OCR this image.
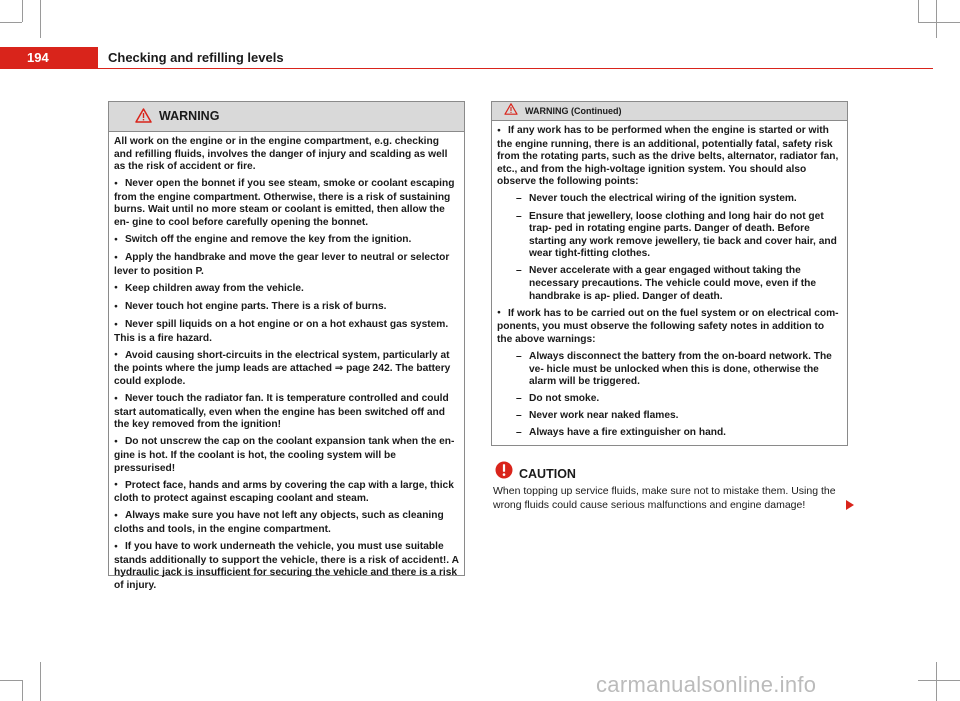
194	Checking and refilling levels
WARNING

All work on the engine or in the engine compartment, e.g. checking and refilling fluids, involves the danger of injury and scalding as well as the risk of accident or fire.

● Never open the bonnet if you see steam, smoke or coolant escaping from the engine compartment. Otherwise, there is a risk of sustaining burns. Wait until no more steam or coolant is emitted, then allow the en- gine to cool before carefully opening the bonnet.

● Switch off the engine and remove the key from the ignition.

● Apply the handbrake and move the gear lever to neutral or selector lever to position P.

● Keep children away from the vehicle.

● Never touch hot engine parts. There is a risk of burns.

● Never spill liquids on a hot engine or on a hot exhaust gas system. This is a fire hazard.

● Avoid causing short-circuits in the electrical system, particularly at the points where the jump leads are attached ⇒ page 242. The battery could explode.

● Never touch the radiator fan. It is temperature controlled and could start automatically, even when the engine has been switched off and the key removed from the ignition!

● Do not unscrew the cap on the coolant expansion tank when the en- gine is hot. If the coolant is hot, the cooling system will be pressurised!

● Protect face, hands and arms by covering the cap with a large, thick cloth to protect against escaping coolant and steam.

● Always make sure you have not left any objects, such as cleaning cloths and tools, in the engine compartment.

● If you have to work underneath the vehicle, you must use suitable stands additionally to support the vehicle, there is a risk of accident!. A hydraulic jack is insufficient for securing the vehicle and there is a risk of injury.

WARNING (Continued)

● If any work has to be performed when the engine is started or with the engine running, there is an additional, potentially fatal, safety risk from the rotating parts, such as the drive belts, alternator, radiator fan, etc., and from the high-voltage ignition system. You should also observe the following points:

– Never touch the electrical wiring of the ignition system.

– Ensure that jewellery, loose clothing and long hair do not get trap- ped in rotating engine parts. Danger of death. Before starting any work remove jewellery, tie back and cover hair, and wear tight-fitting clothes.

– Never accelerate with a gear engaged without taking the necessary precautions. The vehicle could move, even if the handbrake is ap- plied. Danger of death.

● If work has to be carried out on the fuel system or on electrical com- ponents, you must observe the following safety notes in addition to the above warnings:

– Always disconnect the battery from the on-board network. The ve- hicle must be unlocked when this is done, otherwise the alarm will be triggered.

– Do not smoke.

– Never work near naked flames.

– Always have a fire extinguisher on hand.

CAUTION

When topping up service fluids, make sure not to mistake them. Using the wrong fluids could cause serious malfunctions and engine damage!

carmanualsonline.info
